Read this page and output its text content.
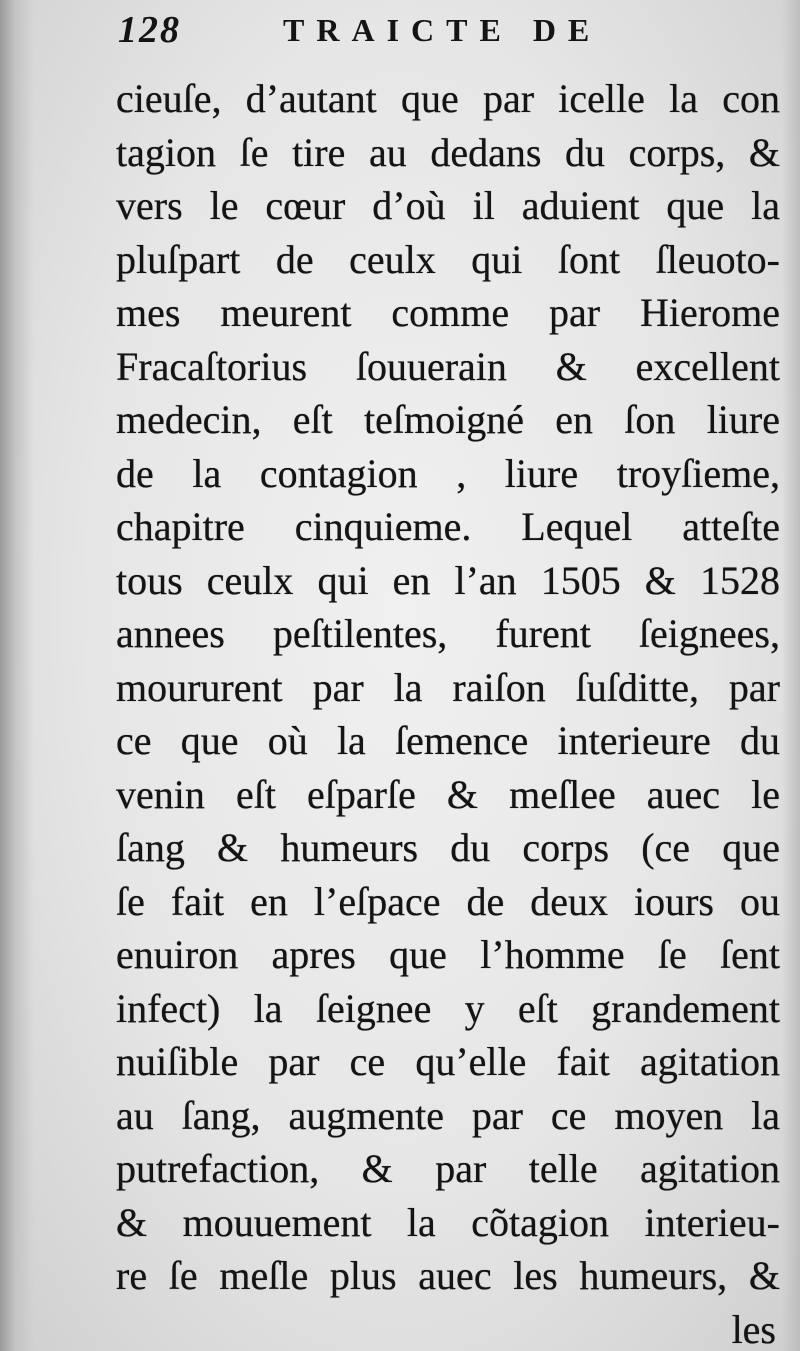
128	TRAICTE DE
cieuſe, d’autant que par icelle la con
tagion ſe tire au dedans du corps, &
vers le cœur d’où il aduient que la
pluſpart de ceulx qui ſont ſleuoto-
mes meurent comme par Hierome
Fracaſtorius ſouuerain & excellent
medecin, eſt teſmoigné en ſon liure
de la contagion , liure troyſieme,
chapitre cinquieme. Lequel atteſte
tous ceulx qui en l’an 1505 & 1528
annees peſtilentes, furent ſeignees,
moururent par la raiſon ſuſditte, par
ce que où la ſemence interieure du
venin eſt eſparſe & meſlee auec le
ſang & humeurs du corps (ce que
ſe fait en l’eſpace de deux iours ou
enuiron apres que l’homme ſe ſent
infect) la ſeignee y eſt grandement
nuiſible par ce qu’elle fait agitation
au ſang, augmente par ce moyen la
putrefaction, & par telle agitation
& mouuement la cõtagion interieu-
re ſe meſle plus auec les humeurs, &
les
